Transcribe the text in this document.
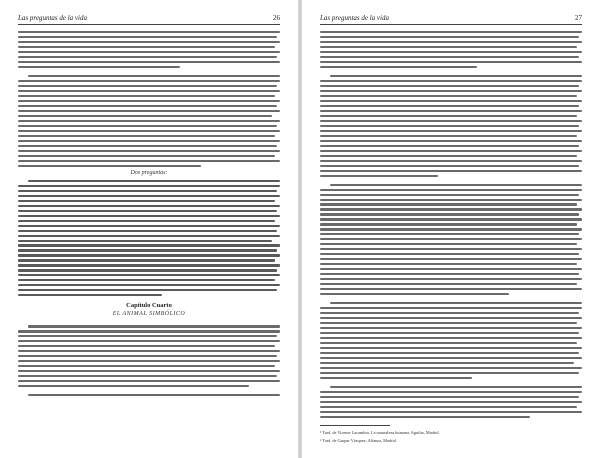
Las preguntas de la vida	26
Dos preguntas:
Capítulo Cuarto
EL ANIMAL SIMBÓLICO
Las preguntas de la vida	27
¹ Trad. de Vicente Lacambra, La naturaleza humana, Aguilar, Madrid.
² Trad. de Gaspar Vázquez, Alianza, Madrid.
